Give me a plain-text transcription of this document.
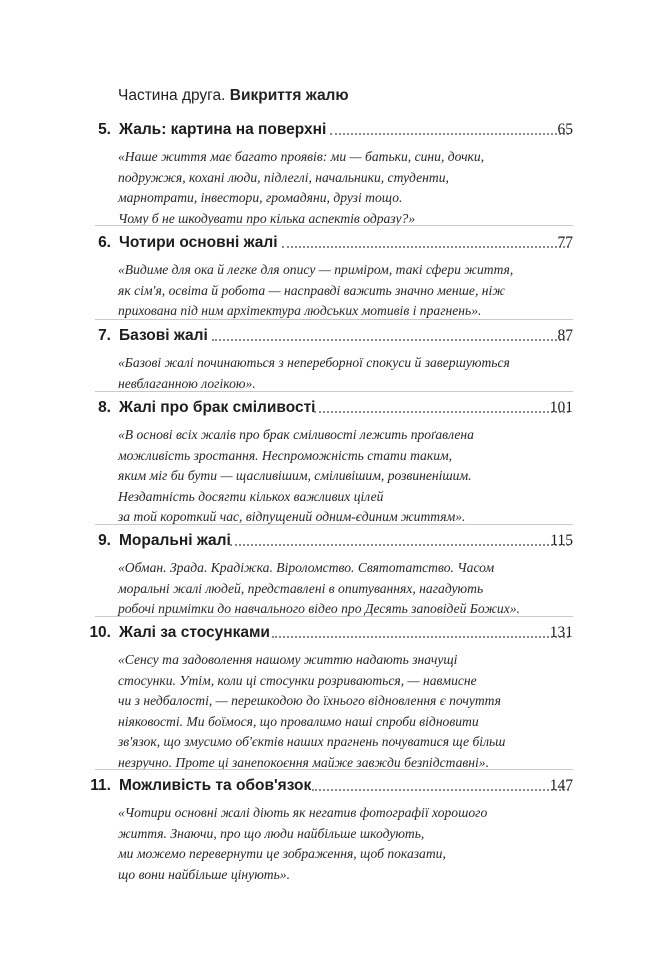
Частина друга. Викриття жалю
5. Жаль: картина на поверхні	65
«Наше життя має багато проявів: ми — батьки, сини, дочки,
подружжя, кохані люди, підлеглі, начальники, студенти,
марнотрати, інвестори, громадяни, друзі тощо.
Чому б не шкодувати про кілька аспектів одразу?»
6. Чотири основні жалі	77
«Видиме для ока й легке для опису — приміром, такі сфери життя,
як сім'я, освіта й робота — насправді важить значно менше, ніж
прихована під ним архітектура людських мотивів і прагнень».
7. Базові жалі	87
«Базові жалі починаються з непереборної спокуси й завершуються
невблаганною логікою».
8. Жалі про брак сміливості	101
«В основі всіх жалів про брак сміливості лежить проґавлена
можливість зростання. Неспроможність стати таким,
яким міг би бути — щасливішим, сміливішим, розвиненішим.
Нездатність досягти кількох важливих цілей
за той короткий час, відпущений одним-єдиним життям».
9. Моральні жалі	115
«Обман. Зрада. Крадіжка. Віроломство. Святотатство. Часом
моральні жалі людей, представлені в опитуваннях, нагадують
робочі примітки до навчального відео про Десять заповідей Божих».
10. Жалі за стосунками	131
«Сенсу та задоволення нашому життю надають значущі
стосунки. Утім, коли ці стосунки розриваються, — навмисне
чи з недбалості, — перешкодою до їхнього відновлення є почуття
ніяковості. Ми боїмося, що провалимо наші спроби відновити
зв'язок, що змусимо об'єктів наших прагнень почуватися ще більш
незручно. Проте ці занепокоєння майже завжди безпідставні».
11. Можливість та обов'язок	147
«Чотири основні жалі діють як негатив фотографії хорошого
життя. Знаючи, про що люди найбільше шкодують,
ми можемо перевернути це зображення, щоб показати,
що вони найбільше цінують».
